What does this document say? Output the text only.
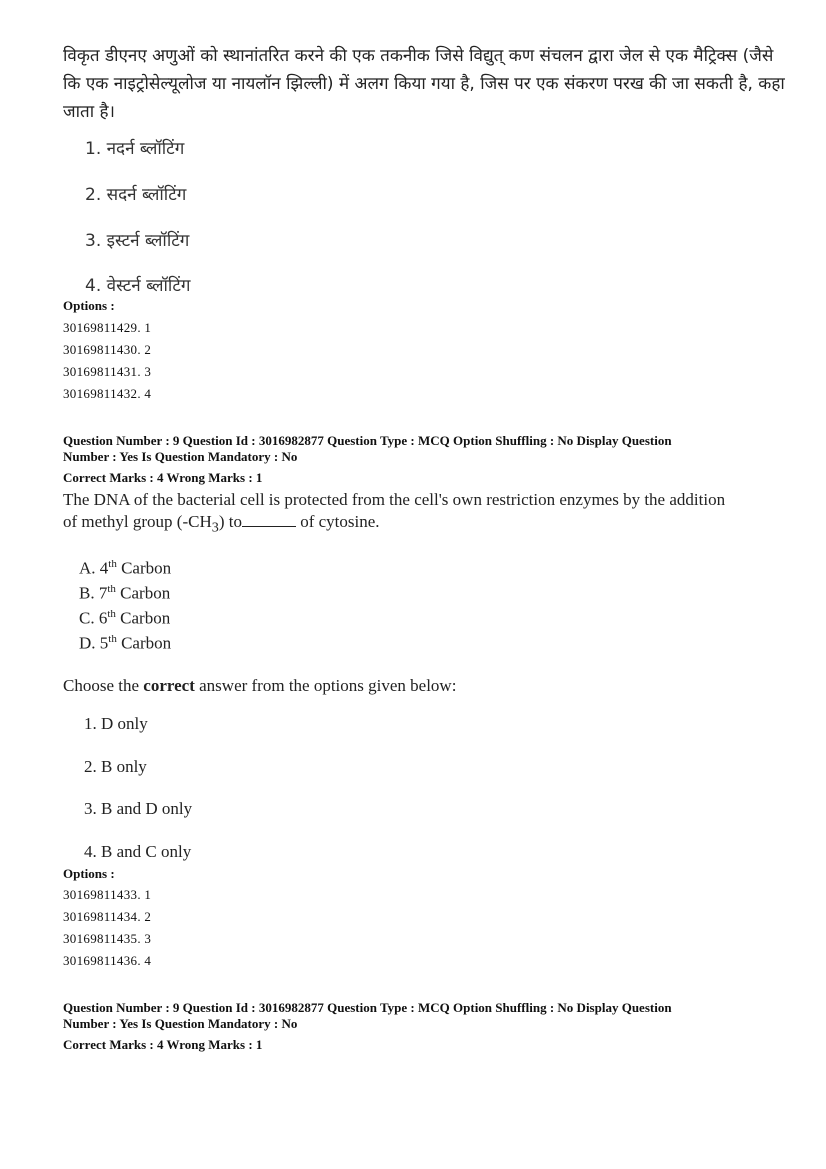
विकृत डीएनए अणुओं को स्थानांतरित करने की एक तकनीक जिसे विद्युत् कण संचलन द्वारा जेल से एक मैट्रिक्स (जैसे कि एक नाइट्रोसेल्यूलोज या नायलॉन झिल्ली) में अलग किया गया है, जिस पर एक संकरण परख की जा सकती है, कहा जाता है।
1. नदर्न ब्लॉटिंग
2. सदर्न ब्लॉटिंग
3. इस्टर्न ब्लॉटिंग
4. वेस्टर्न ब्लॉटिंग
Options :
30169811429. 1
30169811430. 2
30169811431. 3
30169811432. 4
Question Number : 9 Question Id : 3016982877 Question Type : MCQ Option Shuffling : No Display Question
Number : Yes Is Question Mandatory : No
Correct Marks : 4 Wrong Marks : 1
The DNA of the bacterial cell is protected from the cell's own restriction enzymes by the addition
of methyl group $(-CH_3)$ to	of cytosine.
A. 4th Carbon
B. 7th Carbon
C. 6th Carbon
D. 5th Carbon
Choose the correct answer from the options given below:
1. D only
2. B only
3. B and D only
4. B and C only
Options :
30169811433. 1
30169811434. 2
30169811435. 3
30169811436. 4
Question Number : 9 Question Id : 3016982877 Question Type : MCQ Option Shuffling : No Display Question
Number : Yes Is Question Mandatory : No
Correct Marks : 4 Wrong Marks : 1
